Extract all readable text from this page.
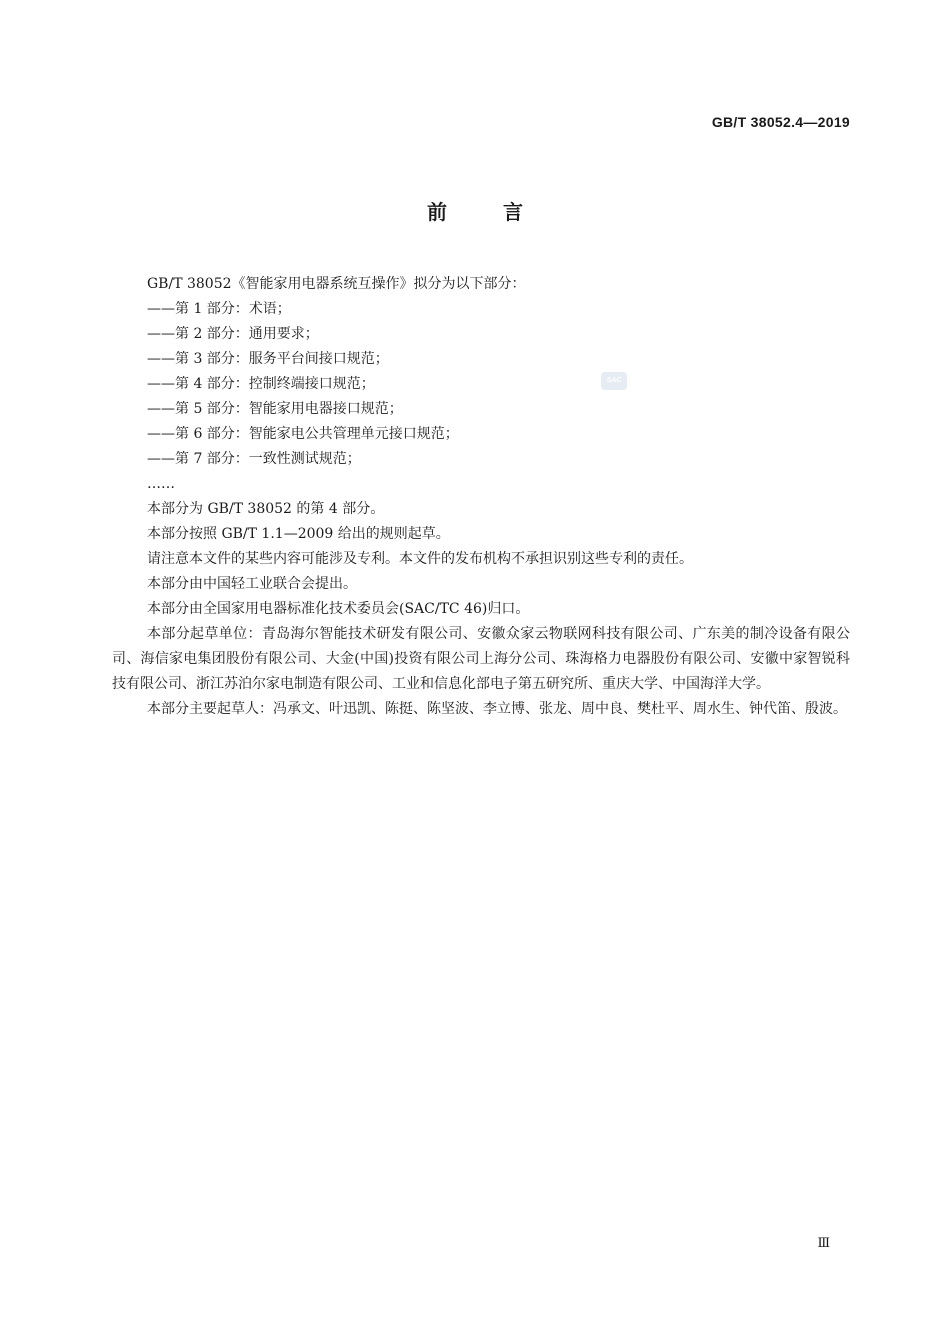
GB/T 38052.4—2019
前	言
SAC

GB/T 38052《智能家用电器系统互操作》拟分为以下部分：

——第 1 部分：术语；

——第 2 部分：通用要求；

——第 3 部分：服务平台间接口规范；

——第 4 部分：控制终端接口规范；

——第 5 部分：智能家用电器接口规范；

——第 6 部分：智能家电公共管理单元接口规范；

——第 7 部分：一致性测试规范；

……

本部分为 GB/T 38052 的第 4 部分。

本部分按照 GB/T 1.1—2009 给出的规则起草。

请注意本文件的某些内容可能涉及专利。本文件的发布机构不承担识别这些专利的责任。

本部分由中国轻工业联合会提出。

本部分由全国家用电器标准化技术委员会(SAC/TC 46)归口。

本部分起草单位：青岛海尔智能技术研发有限公司、安徽众家云物联网科技有限公司、广东美的制冷设备有限公司、海信家电集团股份有限公司、大金(中国)投资有限公司上海分公司、珠海格力电器股份有限公司、安徽中家智锐科技有限公司、浙江苏泊尔家电制造有限公司、工业和信息化部电子第五研究所、重庆大学、中国海洋大学。

本部分主要起草人：冯承文、叶迅凯、陈挺、陈坚波、李立博、张龙、周中良、樊杜平、周水生、钟代笛、殷波。

Ⅲ
